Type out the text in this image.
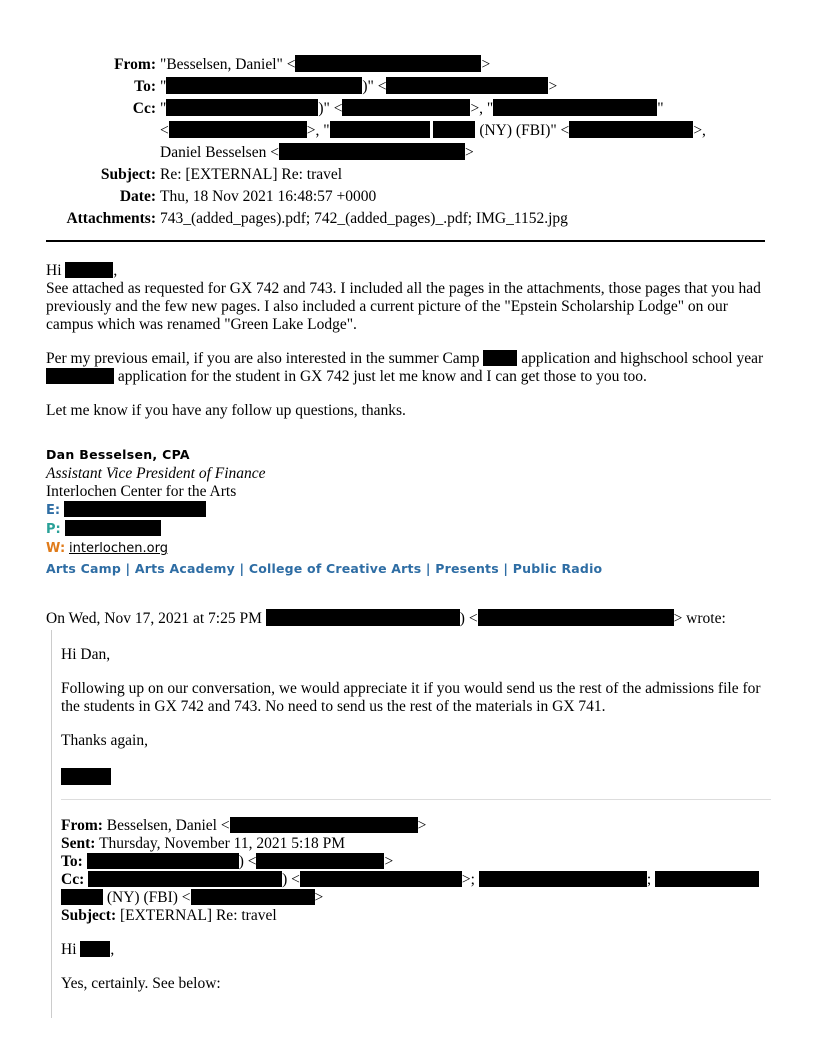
From: "Besselsen, Daniel" <	>
To: "	)" <	>
Cc: "	)" <	>, "	"
<	>, "	(NY) (FBI)" <	>,
Daniel Besselsen <	>
Subject: Re: [EXTERNAL] Re: travel
Date: Thu, 18 Nov 2021 16:48:57 +0000
Attachments: 743_(added_pages).pdf; 742_(added_pages)_.pdf; IMG_1152.jpg
Hi	,

See attached as requested for GX 742 and 743. I included all the pages in the attachments, those pages that you had previously and the few new pages. I also included a current picture of the "Epstein Scholarship Lodge" on our campus which was renamed "Green Lake Lodge".

Per my previous email, if you are also interested in the summer Camp	application and highschool school year  application for the student in GX 742 just let me know and I can get those to you too.

Let me know if you have any follow up questions, thanks.

Dan Besselsen, CPA
Assistant Vice President of Finance
Interlochen Center for the Arts
E:
P:
W: interlochen.org
Arts Camp | Arts Academy | College of Creative Arts | Presents | Public Radio
On Wed, Nov 17, 2021 at 7:25 PM	) <	> wrote:

Hi Dan,

Following up on our conversation, we would appreciate it if you would send us the rest of the admissions file for the students in GX 742 and 743. No need to send us the rest of the materials in GX 741.

Thanks again,

From: Besselsen, Daniel <	>
Sent: Thursday, November 11, 2021 5:18 PM
To:	) <	>
Cc:	) <	>;	;
(NY) (FBI) <	>
Subject: [EXTERNAL] Re: travel

Hi ,

Yes, certainly. See below:
